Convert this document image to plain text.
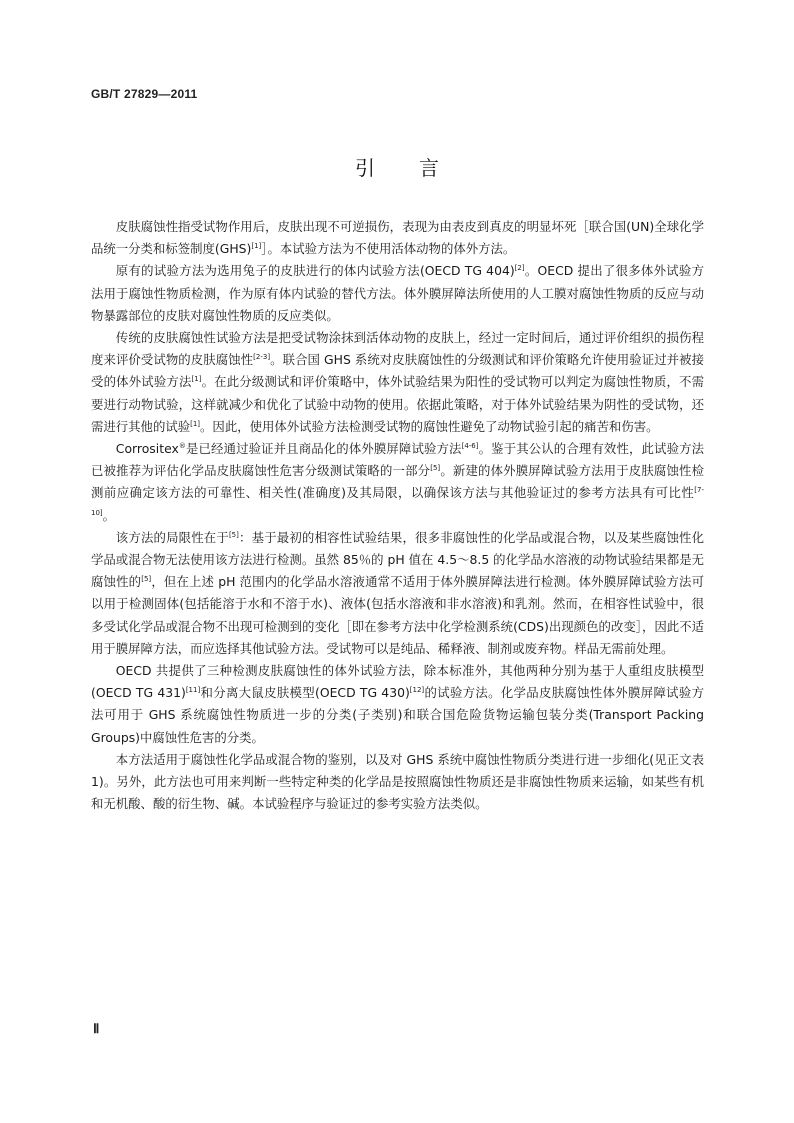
GB/T 27829—2011
引言

皮肤腐蚀性指受试物作用后，皮肤出现不可逆损伤，表现为由表皮到真皮的明显坏死［联合国(UN)全球化学品统一分类和标签制度(GHS)[1]］。本试验方法为不使用活体动物的体外方法。

原有的试验方法为选用兔子的皮肤进行的体内试验方法(OECD TG 404)[2]。OECD 提出了很多体外试验方法用于腐蚀性物质检测，作为原有体内试验的替代方法。体外膜屏障法所使用的人工膜对腐蚀性物质的反应与动物暴露部位的皮肤对腐蚀性物质的反应类似。

传统的皮肤腐蚀性试验方法是把受试物涂抹到活体动物的皮肤上，经过一定时间后，通过评价组织的损伤程度来评价受试物的皮肤腐蚀性[2-3]。联合国 GHS 系统对皮肤腐蚀性的分级测试和评价策略允许使用验证过并被接受的体外试验方法[1]。在此分级测试和评价策略中，体外试验结果为阳性的受试物可以判定为腐蚀性物质，不需要进行动物试验，这样就减少和优化了试验中动物的使用。依据此策略，对于体外试验结果为阴性的受试物，还需进行其他的试验[1]。因此，使用体外试验方法检测受试物的腐蚀性避免了动物试验引起的痛苦和伤害。

Corrositex®是已经通过验证并且商品化的体外膜屏障试验方法[4-6]。鉴于其公认的合理有效性，此试验方法已被推荐为评估化学品皮肤腐蚀性危害分级测试策略的一部分[5]。新建的体外膜屏障试验方法用于皮肤腐蚀性检测前应确定该方法的可靠性、相关性(准确度)及其局限，以确保该方法与其他验证过的参考方法具有可比性[7-10]。

该方法的局限性在于[5]：基于最初的相容性试验结果，很多非腐蚀性的化学品或混合物，以及某些腐蚀性化学品或混合物无法使用该方法进行检测。虽然 85％的 pH 值在 4.5～8.5 的化学品水溶液的动物试验结果都是无腐蚀性的[5]，但在上述 pH 范围内的化学品水溶液通常不适用于体外膜屏障法进行检测。体外膜屏障试验方法可以用于检测固体(包括能溶于水和不溶于水)、液体(包括水溶液和非水溶液)和乳剂。然而，在相容性试验中，很多受试化学品或混合物不出现可检测到的变化［即在参考方法中化学检测系统(CDS)出现颜色的改变］，因此不适用于膜屏障方法，而应选择其他试验方法。受试物可以是纯品、稀释液、制剂或废弃物。样品无需前处理。

OECD 共提供了三种检测皮肤腐蚀性的体外试验方法，除本标准外，其他两种分别为基于人重组皮肤模型(OECD TG 431)[11]和分离大鼠皮肤模型(OECD TG 430)[12]的试验方法。化学品皮肤腐蚀性体外膜屏障试验方法可用于 GHS 系统腐蚀性物质进一步的分类(子类别)和联合国危险货物运输包装分类(Transport Packing Groups)中腐蚀性危害的分类。

本方法适用于腐蚀性化学品或混合物的鉴别，以及对 GHS 系统中腐蚀性物质分类进行进一步细化(见正文表 1)。另外，此方法也可用来判断一些特定种类的化学品是按照腐蚀性物质还是非腐蚀性物质来运输，如某些有机和无机酸、酸的衍生物、碱。本试验程序与验证过的参考实验方法类似。

Ⅱ
